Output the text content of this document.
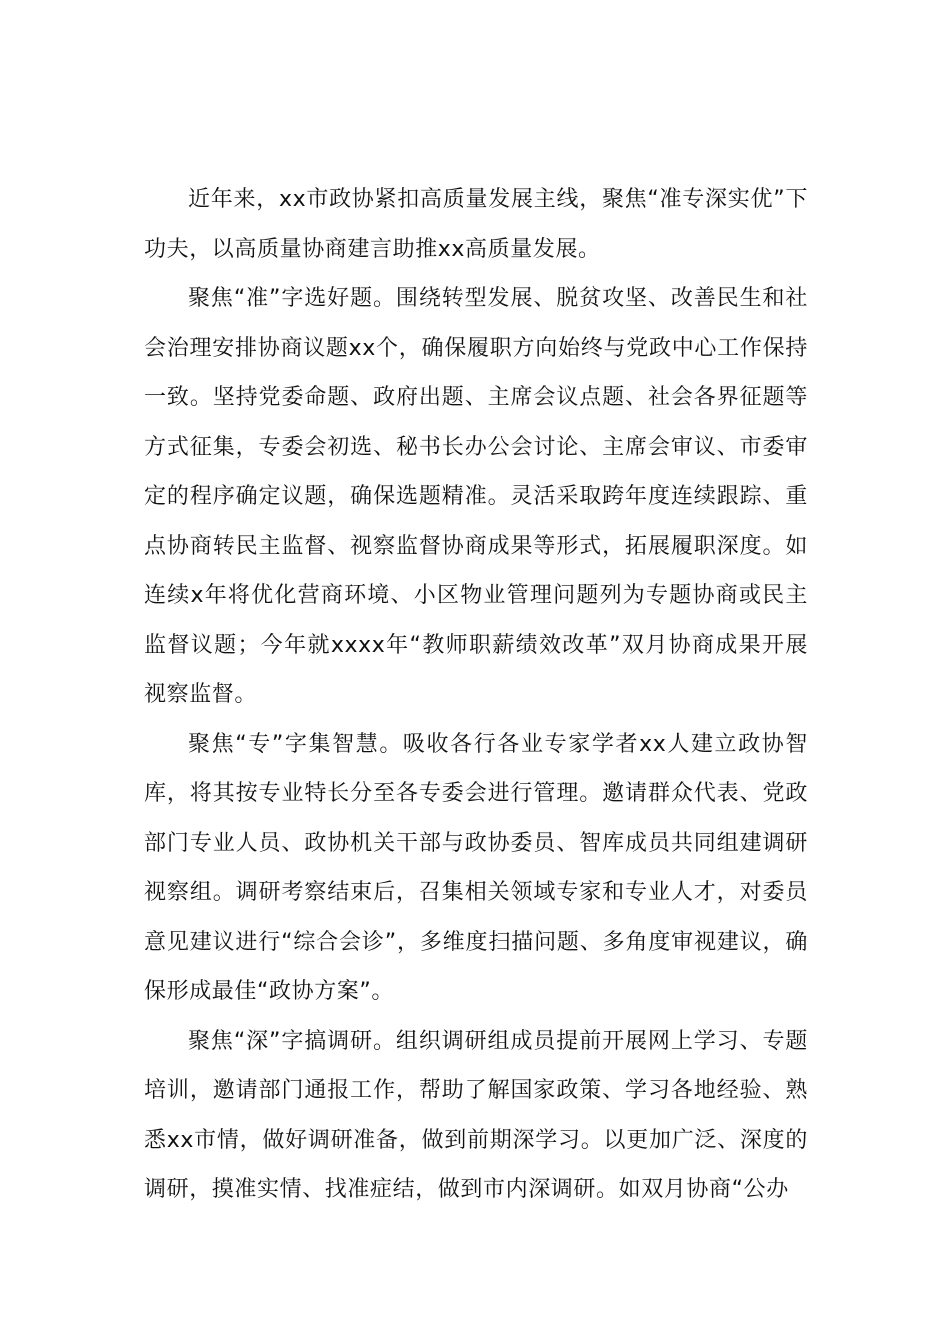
近年来，xx市政协紧扣高质量发展主线，聚焦“准专深实优”下功夫，以高质量协商建言助推xx高质量发展。

聚焦“准”字选好题。围绕转型发展、脱贫攻坚、改善民生和社会治理安排协商议题xx个，确保履职方向始终与党政中心工作保持一致。坚持党委命题、政府出题、主席会议点题、社会各界征题等方式征集，专委会初选、秘书长办公会讨论、主席会审议、市委审定的程序确定议题，确保选题精准。灵活采取跨年度连续跟踪、重点协商转民主监督、视察监督协商成果等形式，拓展履职深度。如连续x年将优化营商环境、小区物业管理问题列为专题协商或民主监督议题；今年就xxxx年“教师职薪绩效改革”双月协商成果开展视察监督。

聚焦“专”字集智慧。吸收各行各业专家学者xx人建立政协智库，将其按专业特长分至各专委会进行管理。邀请群众代表、党政部门专业人员、政协机关干部与政协委员、智库成员共同组建调研视察组。调研考察结束后，召集相关领域专家和专业人才，对委员意见建议进行“综合会诊”，多维度扫描问题、多角度审视建议，确保形成最佳“政协方案”。

聚焦“深”字搞调研。组织调研组成员提前开展网上学习、专题培训，邀请部门通报工作，帮助了解国家政策、学习各地经验、熟悉xx市情，做好调研准备，做到前期深学习。以更加广泛、深度的调研，摸准实情、找准症结，做到市内深调研。如双月协商“公办
